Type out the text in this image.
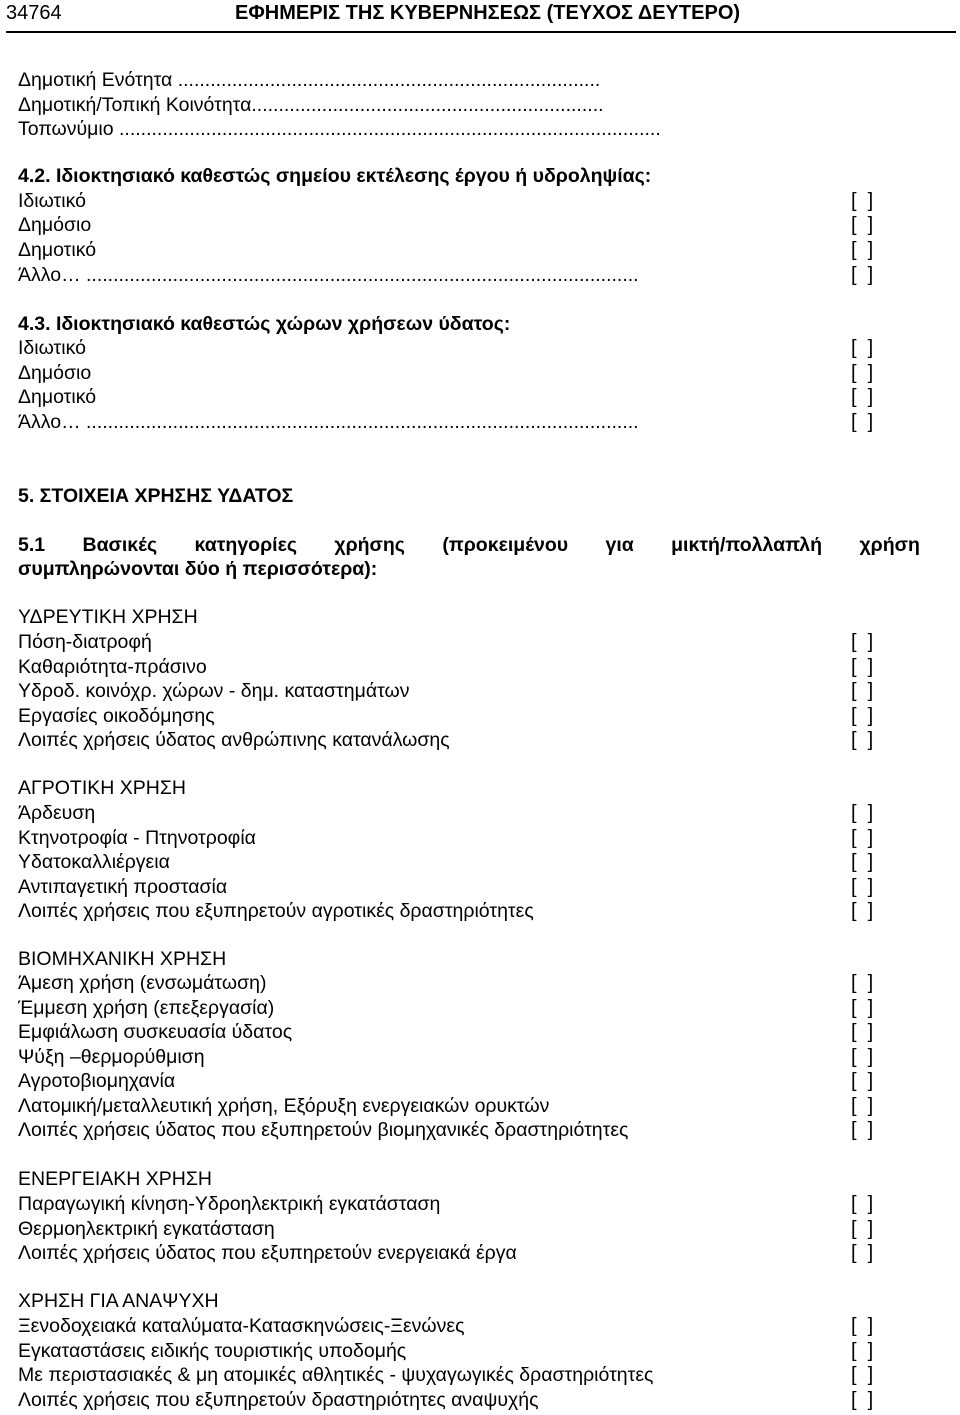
34764	ΕΦΗΜΕΡΙΣ ΤΗΣ ΚΥΒΕΡΝΗΣΕΩΣ (ΤΕΥΧΟΣ ΔΕΥΤΕΡΟ)
Δημοτική Ενότητα ..............................................................................
Δημοτική/Τοπική Κοινότητα.................................................................
Τοπωνύμιο ....................................................................................................
4.2. Ιδιοκτησιακό καθεστώς σημείου εκτέλεσης έργου ή υδροληψίας:
Ιδιωτικό	[  ]
Δημόσιο	[  ]
Δημοτικό	[  ]
Άλλο… ......................................................................................................	[  ]
4.3. Ιδιοκτησιακό καθεστώς χώρων χρήσεων ύδατος:
Ιδιωτικό	[  ]
Δημόσιο	[  ]
Δημοτικό	[  ]
Άλλο… ......................................................................................................	[  ]
5. ΣΤΟΙΧΕΙΑ ΧΡΗΣΗΣ ΥΔΑΤΟΣ
5.1 Βασικές κατηγορίες χρήσης (προκειμένου για μικτή/πολλαπλή χρήση
συμπληρώνονται δύο ή περισσότερα):
ΥΔΡΕΥΤΙΚΗ ΧΡΗΣΗ
Πόση-διατροφή	[  ]
Καθαριότητα-πράσινο	[  ]
Υδροδ. κοινόχρ. χώρων - δημ. καταστημάτων	[  ]
Εργασίες οικοδόμησης	[  ]
Λοιπές χρήσεις ύδατος ανθρώπινης κατανάλωσης	[  ]
ΑΓΡΟΤΙΚΗ ΧΡΗΣΗ
Άρδευση	[  ]
Κτηνοτροφία - Πτηνοτροφία	[  ]
Υδατοκαλλιέργεια	[  ]
Αντιπαγετική προστασία	[  ]
Λοιπές χρήσεις που εξυπηρετούν αγροτικές δραστηριότητες	[  ]
ΒΙΟΜΗΧΑΝΙΚΗ ΧΡΗΣΗ
Άμεση χρήση (ενσωμάτωση)	[  ]
Έμμεση χρήση (επεξεργασία)	[  ]
Εμφιάλωση συσκευασία ύδατος	[  ]
Ψύξη –θερμορύθμιση	[  ]
Αγροτοβιομηχανία	[  ]
Λατομική/μεταλλευτική χρήση, Εξόρυξη ενεργειακών ορυκτών	[  ]
Λοιπές χρήσεις ύδατος που εξυπηρετούν βιομηχανικές δραστηριότητες	[  ]
ΕΝΕΡΓΕΙΑΚΗ ΧΡΗΣΗ
Παραγωγική κίνηση-Υδροηλεκτρική εγκατάσταση	[  ]
Θερμοηλεκτρική εγκατάσταση	[  ]
Λοιπές χρήσεις ύδατος που εξυπηρετούν ενεργειακά έργα	[  ]
ΧΡΗΣΗ ΓΙΑ ΑΝΑΨΥΧΗ
Ξενοδοχειακά καταλύματα-Κατασκηνώσεις-Ξενώνες	[  ]
Εγκαταστάσεις ειδικής τουριστικής υποδομής	[  ]
Με περιστασιακές & μη ατομικές αθλητικές - ψυχαγωγικές δραστηριότητες	[  ]
Λοιπές χρήσεις που εξυπηρετούν δραστηριότητες αναψυχής	[  ]
